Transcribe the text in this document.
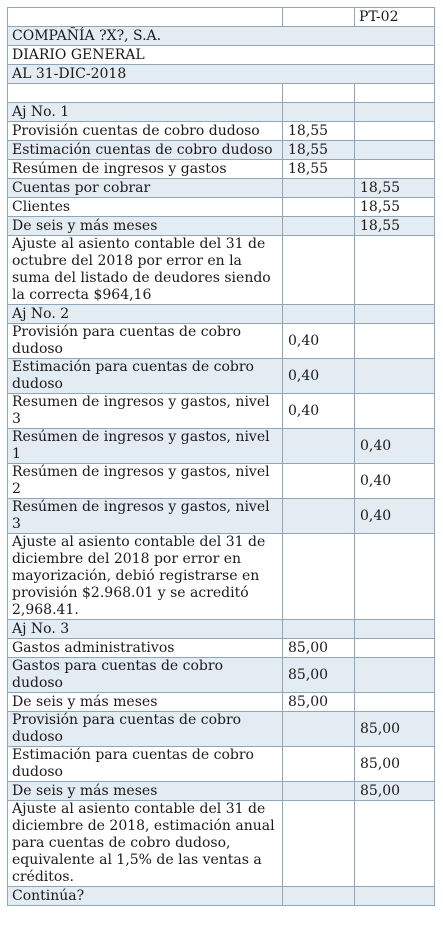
		PT-02
COMPAÑÍA ?X?, S.A.		
DIARIO GENERAL		
AL 31-DIC-2018		

Aj No. 1		
Provisión cuentas de cobro dudoso	18,55	
Estimación cuentas de cobro dudoso	18,55	
Resúmen de ingresos y gastos	18,55	
Cuentas por cobrar		18,55
Clientes		18,55
De seis y más meses		18,55
Ajuste al asiento contable del 31 de octubre del 2018 por error en la suma del listado de deudores siendo la correcta $964,16		
Aj No. 2		
Provisión para cuentas de cobro dudoso	0,40	
Estimación para cuentas de cobro dudoso	0,40	
Resumen de ingresos y gastos, nivel 3	0,40	
Resúmen de ingresos y gastos, nivel 1		0,40
Resúmen de ingresos y gastos, nivel 2		0,40
Resúmen de ingresos y gastos, nivel 3		0,40
Ajuste al asiento contable del 31 de diciembre del 2018 por error en mayorización, debió registrarse en provisión $2.968.01 y se acreditó 2,968.41.		
Aj No. 3		
Gastos administrativos	85,00	
Gastos para cuentas de cobro dudoso	85,00	
De seis y más meses	85,00	
Provisión para cuentas de cobro dudoso		85,00
Estimación para cuentas de cobro dudoso		85,00
De seis y más meses		85,00
Ajuste al asiento contable del 31 de diciembre de 2018, estimación anual para cuentas de cobro dudoso, equivalente al 1,5% de las ventas a créditos.		
Continúa?		
